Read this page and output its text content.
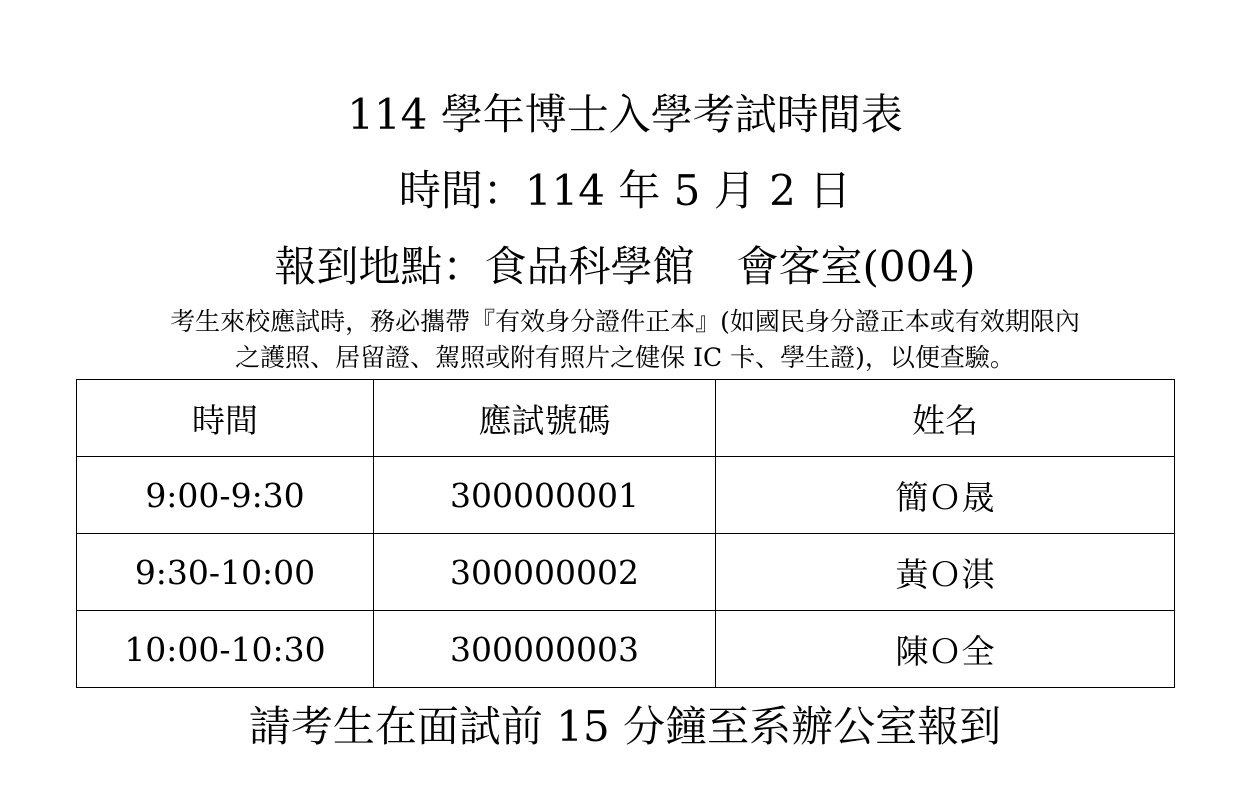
114 學年博士入學考試時間表
時間：114 年 5 月 2 日
報到地點：食品科學館　會客室(004)
考生來校應試時，務必攜帶『有效身分證件正本』(如國民身分證正本或有效期限內
之護照、居留證、駕照或附有照片之健保 IC 卡、學生證)，以便查驗。
時間	應試號碼	姓名
9:00-9:30	300000001	簡Ｏ晟
9:30-10:00	300000002	黃Ｏ淇
10:00-10:30	300000003	陳Ｏ全
請考生在面試前 15 分鐘至系辦公室報到
